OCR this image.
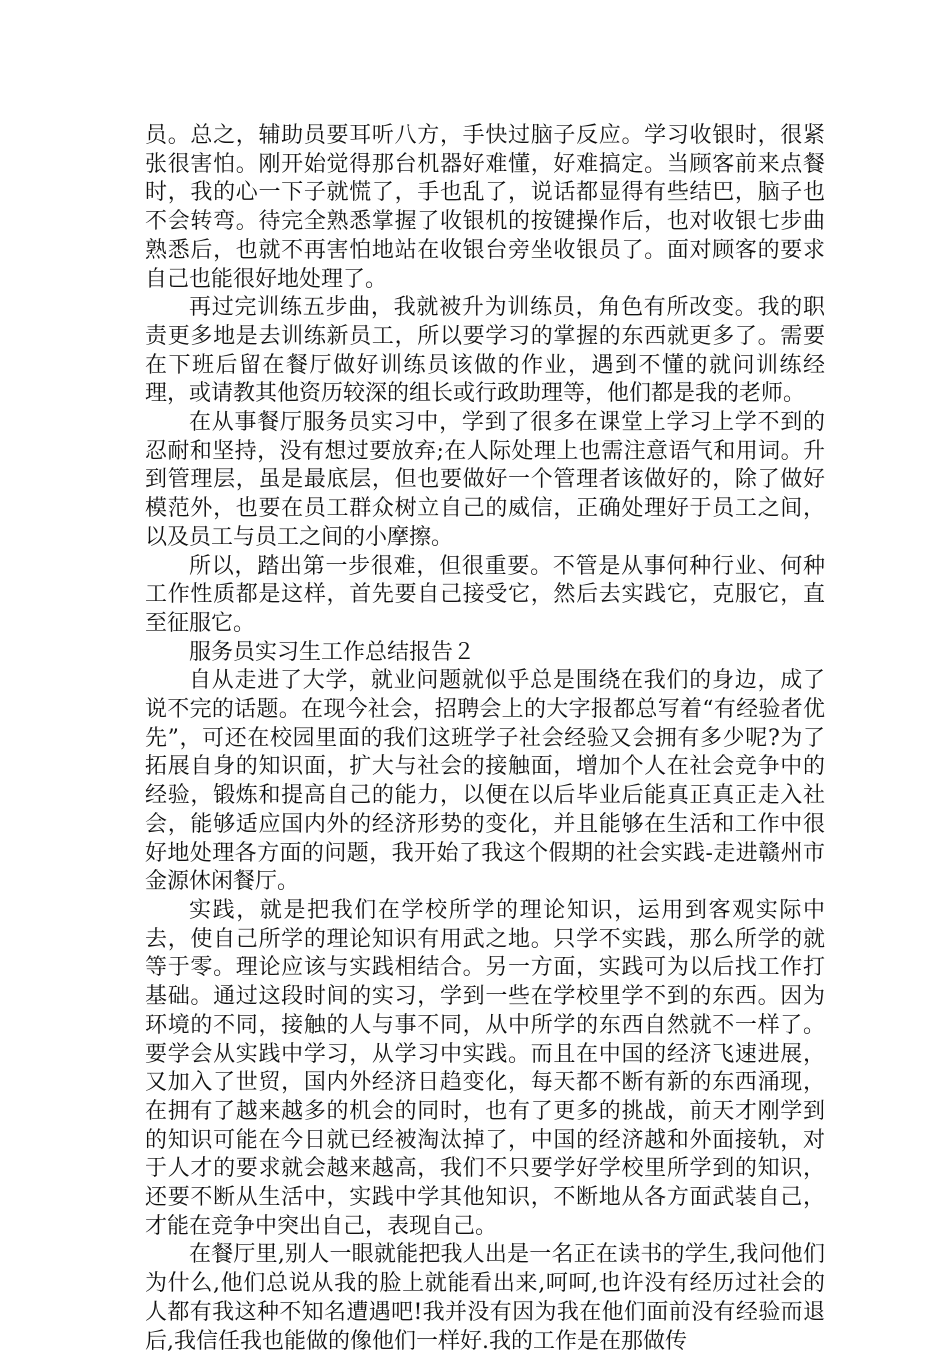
员。总之，辅助员要耳听八方，手快过脑子反应。学习收银时，很紧张很害怕。刚开始觉得那台机器好难懂，好难搞定。当顾客前来点餐时，我的心一下子就慌了，手也乱了，说话都显得有些结巴，脑子也不会转弯。待完全熟悉掌握了收银机的按键操作后，也对收银七步曲熟悉后，也就不再害怕地站在收银台旁坐收银员了。面对顾客的要求自己也能很好地处理了。

再过完训练五步曲，我就被升为训练员，角色有所改变。我的职责更多地是去训练新员工，所以要学习的掌握的东西就更多了。需要在下班后留在餐厅做好训练员该做的作业，遇到不懂的就问训练经理，或请教其他资历较深的组长或行政助理等，他们都是我的老师。

在从事餐厅服务员实习中，学到了很多在课堂上学习上学不到的忍耐和坚持，没有想过要放弃;在人际处理上也需注意语气和用词。升到管理层，虽是最底层，但也要做好一个管理者该做好的，除了做好模范外，也要在员工群众树立自己的威信，正确处理好于员工之间，以及员工与员工之间的小摩擦。

所以，踏出第一步很难，但很重要。不管是从事何种行业、何种工作性质都是这样，首先要自己接受它，然后去实践它，克服它，直至征服它。

服务员实习生工作总结报告２

自从走进了大学，就业问题就似乎总是围绕在我们的身边，成了说不完的话题。在现今社会，招聘会上的大字报都总写着“有经验者优先”，可还在校园里面的我们这班学子社会经验又会拥有多少呢?为了拓展自身的知识面，扩大与社会的接触面，增加个人在社会竞争中的经验，锻炼和提高自己的能力，以便在以后毕业后能真正真正走入社会，能够适应国内外的经济形势的变化，并且能够在生活和工作中很好地处理各方面的问题，我开始了我这个假期的社会实践-走进赣州市金源休闲餐厅。

实践，就是把我们在学校所学的理论知识，运用到客观实际中去，使自己所学的理论知识有用武之地。只学不实践，那么所学的就等于零。理论应该与实践相结合。另一方面，实践可为以后找工作打基础。通过这段时间的实习，学到一些在学校里学不到的东西。因为环境的不同，接触的人与事不同，从中所学的东西自然就不一样了。要学会从实践中学习，从学习中实践。而且在中国的经济飞速进展，又加入了世贸，国内外经济日趋变化，每天都不断有新的东西涌现，在拥有了越来越多的机会的同时，也有了更多的挑战，前天才刚学到的知识可能在今日就已经被淘汰掉了，中国的经济越和外面接轨，对于人才的要求就会越来越高，我们不只要学好学校里所学到的知识，还要不断从生活中，实践中学其他知识，不断地从各方面武装自己，才能在竞争中突出自己，表现自己。

在餐厅里,别人一眼就能把我人出是一名正在读书的学生,我问他们为什么,他们总说从我的脸上就能看出来,呵呵,也许没有经历过社会的人都有我这种不知名遭遇吧!我并没有因为我在他们面前没有经验而退后,我信任我也能做的像他们一样好.我的工作是在那做传
